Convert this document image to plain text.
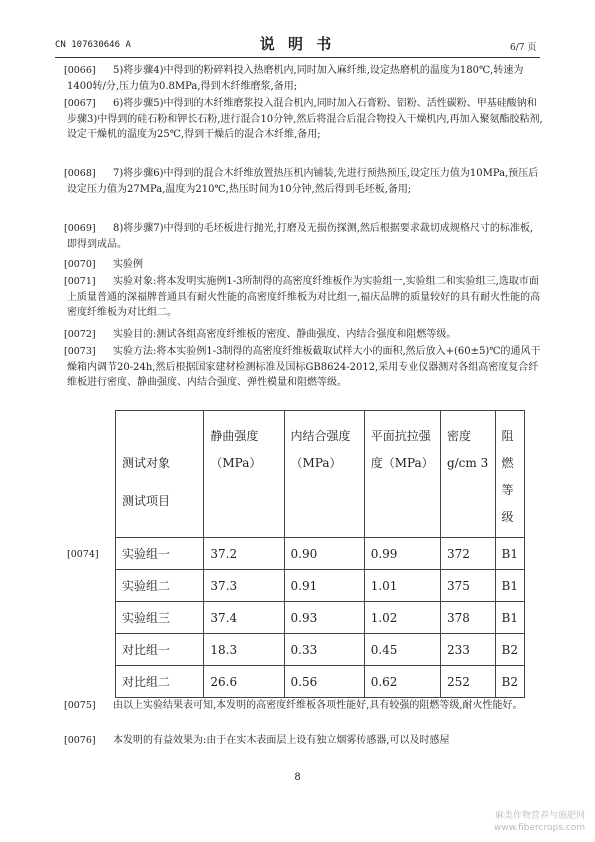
CN 107630646 A	说 明 书	6/7 页
[0066]	5)将步骤4)中得到的粉碎料投入热磨机内,同时加入麻纤维,设定热磨机的温度为180℃,转速为1400转/分,压力值为0.8MPa,得到木纤维磨浆,备用;
[0067]	6)将步骤5)中得到的木纤维磨浆投入混合机内,同时加入石膏粉、铝粉、活性碳粉、甲基硅酸钠和步骤3)中得到的硅石粉和钾长石粉,进行混合10分钟,然后将混合后混合物投入干燥机内,再加入聚氨酯胶粘剂,设定干燥机的温度为25℃,得到干燥后的混合木纤维,备用;
[0068]	7)将步骤6)中得到的混合木纤维放置热压机内铺装,先进行预热预压,设定压力值为10MPa,预压后设定压力值为27MPa,温度为210℃,热压时间为10分钟,然后得到毛坯板,备用;
[0069]	8)将步骤7)中得到的毛坯板进行抛光,打磨及无损伤探测,然后根据要求裁切成规格尺寸的标准板,即得到成品。
[0070]	实验例
[0071]	实验对象:将本发明实施例1-3所制得的高密度纤维板作为实验组一,实验组二和实验组三,选取市面上质量普通的深福牌普通具有耐火性能的高密度纤维板为对比组一,福庆品牌的质量较好的具有耐火性能的高密度纤维板为对比组二。
[0072]	实验目的:测试各组高密度纤维板的密度、静曲强度、内结合强度和阻燃等级。
[0073]	实验方法:将本实验例1-3制得的高密度纤维板截取试样大小的面积,然后放入+(60±5)℃的通风干燥箱内调节20-24h,然后根据国家建材检测标准及国标GB8624-2012,采用专业仪器测对各组高密度复合纤维板进行密度、静曲强度、内结合强度、弹性模量和阻燃等级。
[0074]
测试对象
测试项目	静曲强度（MPa）	内结合强度（MPa）	平面抗拉强度（MPa）	密度 g/cm 3	阻燃等级
实验组一	37.2	0.90	0.99	372	B1
实验组二	37.3	0.91	1.01	375	B1
实验组三	37.4	0.93	1.02	378	B1
对比组一	18.3	0.33	0.45	233	B2
对比组二	26.6	0.56	0.62	252	B2
[0075]	由以上实验结果表可知,本发明的高密度纤维板各项性能好,具有较强的阻燃等级,耐火性能好。
[0076]	本发明的有益效果为:由于在实木表面层上设有独立烟雾传感器,可以及时感屋
8
麻类作物营养与施肥网
www.fibercrops.com
